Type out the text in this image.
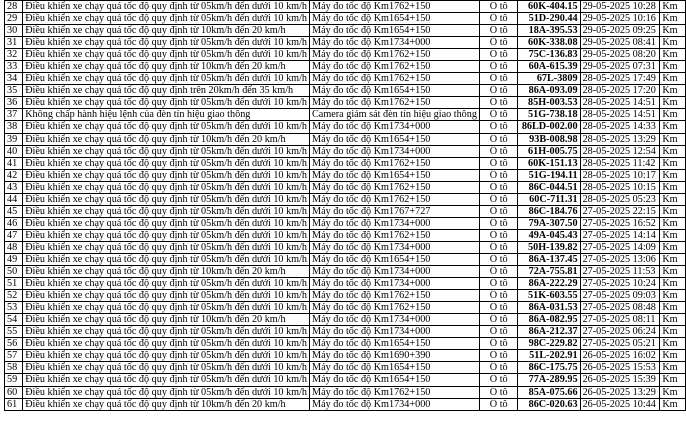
28	Điều khiển xe chạy quá tốc độ quy định từ 05km/h đến dưới 10 km/h	Máy đo tốc độ Km1762+150	Ô tô	60K-404.15	29-05-2025 10:28	Km
29	Điều khiển xe chạy quá tốc độ quy định từ 05km/h đến dưới 10 km/h	Máy đo tốc độ Km1654+150	Ô tô	51D-290.44	29-05-2025 10:16	Km
30	Điều khiển xe chạy quá tốc độ quy định từ 10km/h đến 20 km/h	Máy đo tốc độ Km1654+150	Ô tô	18A-395.53	29-05-2025 09:25	Km
31	Điều khiển xe chạy quá tốc độ quy định từ 05km/h đến dưới 10 km/h	Máy đo tốc độ Km1734+000	Ô tô	60K-338.08	29-05-2025 08:41	Km
32	Điều khiển xe chạy quá tốc độ quy định từ 05km/h đến dưới 10 km/h	Máy đo tốc độ Km1762+150	Ô tô	75C-136.83	29-05-2025 08:20	Km
33	Điều khiển xe chạy quá tốc độ quy định từ 10km/h đến 20 km/h	Máy đo tốc độ Km1762+150	Ô tô	60A-615.39	29-05-2025 07:31	Km
34	Điều khiển xe chạy quá tốc độ quy định từ 05km/h đến dưới 10 km/h	Máy đo tốc độ Km1762+150	Ô tô	67L-3809	28-05-2025 17:49	Km
35	Điều khiển xe chạy quá tốc độ quy định trên 20km/h đến 35 km/h	Máy đo tốc độ Km1654+150	Ô tô	86A-093.09	28-05-2025 17:20	Km
36	Điều khiển xe chạy quá tốc độ quy định từ 05km/h đến dưới 10 km/h	Máy đo tốc độ Km1762+150	Ô tô	85H-003.53	28-05-2025 14:51	Km
37	Không chấp hành hiệu lệnh của đèn tín hiệu giao thông	Camera giám sát đèn tín hiệu giao thông	Ô tô	51G-738.18	28-05-2025 14:51	Km
38	Điều khiển xe chạy quá tốc độ quy định từ 05km/h đến dưới 10 km/h	Máy đo tốc độ Km1734+000	Ô tô	86LD-002.00	28-05-2025 14:33	Km
39	Điều khiển xe chạy quá tốc độ quy định từ 10km/h đến 20 km/h	Máy đo tốc độ Km1654+150	Ô tô	93B-008.98	28-05-2025 13:29	Km
40	Điều khiển xe chạy quá tốc độ quy định từ 05km/h đến dưới 10 km/h	Máy đo tốc độ Km1734+000	Ô tô	61H-005.75	28-05-2025 12:54	Km
41	Điều khiển xe chạy quá tốc độ quy định từ 05km/h đến dưới 10 km/h	Máy đo tốc độ Km1762+150	Ô tô	60K-151.13	28-05-2025 11:42	Km
42	Điều khiển xe chạy quá tốc độ quy định từ 05km/h đến dưới 10 km/h	Máy đo tốc độ Km1654+150	Ô tô	51G-194.11	28-05-2025 10:17	Km
43	Điều khiển xe chạy quá tốc độ quy định từ 05km/h đến dưới 10 km/h	Máy đo tốc độ Km1762+150	Ô tô	86C-044.51	28-05-2025 10:15	Km
44	Điều khiển xe chạy quá tốc độ quy định từ 05km/h đến dưới 10 km/h	Máy đo tốc độ Km1762+150	Ô tô	60C-711.31	28-05-2025 05:23	Km
45	Điều khiển xe chạy quá tốc độ quy định từ 05km/h đến dưới 10 km/h	Máy đo tốc độ Km1767+727	Ô tô	86C-184.76	27-05-2025 22:15	Km
46	Điều khiển xe chạy quá tốc độ quy định từ 05km/h đến dưới 10 km/h	Máy đo tốc độ Km1734+000	Ô tô	79A-307.50	27-05-2025 16:52	Km
47	Điều khiển xe chạy quá tốc độ quy định từ 05km/h đến dưới 10 km/h	Máy đo tốc độ Km1762+150	Ô tô	49A-045.43	27-05-2025 14:14	Km
48	Điều khiển xe chạy quá tốc độ quy định từ 05km/h đến dưới 10 km/h	Máy đo tốc độ Km1734+000	Ô tô	50H-139.82	27-05-2025 14:09	Km
49	Điều khiển xe chạy quá tốc độ quy định từ 05km/h đến dưới 10 km/h	Máy đo tốc độ Km1654+150	Ô tô	86A-137.45	27-05-2025 13:06	Km
50	Điều khiển xe chạy quá tốc độ quy định từ 10km/h đến 20 km/h	Máy đo tốc độ Km1734+000	Ô tô	72A-755.81	27-05-2025 11:53	Km
51	Điều khiển xe chạy quá tốc độ quy định từ 05km/h đến dưới 10 km/h	Máy đo tốc độ Km1734+000	Ô tô	86A-222.29	27-05-2025 10:24	Km
52	Điều khiển xe chạy quá tốc độ quy định từ 05km/h đến dưới 10 km/h	Máy đo tốc độ Km1762+150	Ô tô	51K-603.55	27-05-2025 09:03	Km
53	Điều khiển xe chạy quá tốc độ quy định từ 05km/h đến dưới 10 km/h	Máy đo tốc độ Km1762+150	Ô tô	86A-031.53	27-05-2025 08:48	Km
54	Điều khiển xe chạy quá tốc độ quy định từ 10km/h đến 20 km/h	Máy đo tốc độ Km1734+000	Ô tô	86A-082.95	27-05-2025 08:11	Km
55	Điều khiển xe chạy quá tốc độ quy định từ 05km/h đến dưới 10 km/h	Máy đo tốc độ Km1734+000	Ô tô	86A-212.37	27-05-2025 06:24	Km
56	Điều khiển xe chạy quá tốc độ quy định từ 05km/h đến dưới 10 km/h	Máy đo tốc độ Km1654+150	Ô tô	98C-229.82	27-05-2025 05:21	Km
57	Điều khiển xe chạy quá tốc độ quy định từ 05km/h đến dưới 10 km/h	Máy đo tốc độ Km1690+390	Ô tô	51L-202.91	26-05-2025 16:02	Km
58	Điều khiển xe chạy quá tốc độ quy định từ 05km/h đến dưới 10 km/h	Máy đo tốc độ Km1654+150	Ô tô	86C-175.75	26-05-2025 15:53	Km
59	Điều khiển xe chạy quá tốc độ quy định từ 05km/h đến dưới 10 km/h	Máy đo tốc độ Km1654+150	Ô tô	77A-289.95	26-05-2025 15:39	Km
60	Điều khiển xe chạy quá tốc độ quy định từ 05km/h đến dưới 10 km/h	Máy đo tốc độ Km1762+150	Ô tô	85A-075.66	26-05-2025 13:29	Km
61	Điều khiển xe chạy quá tốc độ quy định từ 10km/h đến 20 km/h	Máy đo tốc độ Km1734+000	Ô tô	86C-020.63	26-05-2025 10:44	Km
